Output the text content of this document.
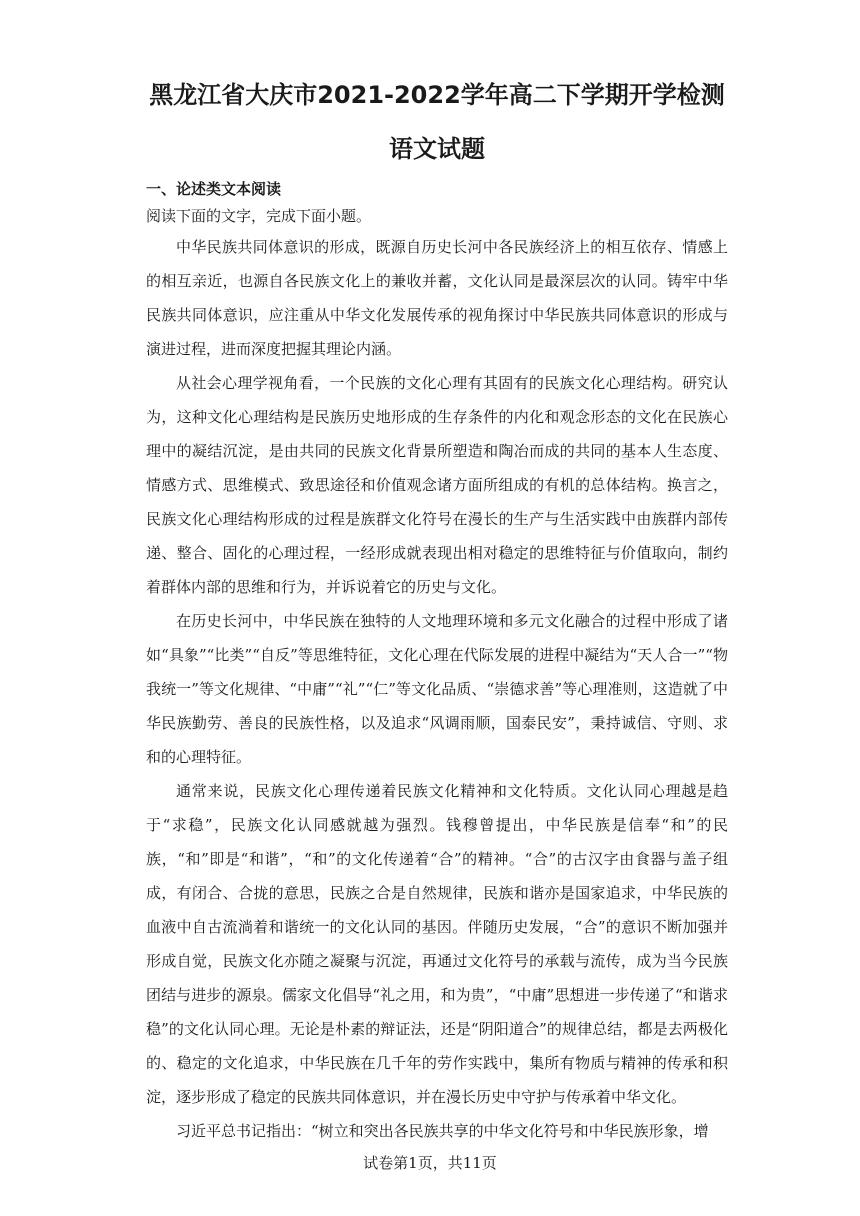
黑龙江省大庆市2021-2022学年高二下学期开学检测语文试题
一、论述类文本阅读
阅读下面的文字，完成下面小题。

中华民族共同体意识的形成，既源自历史长河中各民族经济上的相互依存、情感上的相互亲近，也源自各民族文化上的兼收并蓄，文化认同是最深层次的认同。铸牢中华民族共同体意识，应注重从中华文化发展传承的视角探讨中华民族共同体意识的形成与演进过程，进而深度把握其理论内涵。

从社会心理学视角看，一个民族的文化心理有其固有的民族文化心理结构。研究认为，这种文化心理结构是民族历史地形成的生存条件的内化和观念形态的文化在民族心理中的凝结沉淀，是由共同的民族文化背景所塑造和陶冶而成的共同的基本人生态度、情感方式、思维模式、致思途径和价值观念诸方面所组成的有机的总体结构。换言之，民族文化心理结构形成的过程是族群文化符号在漫长的生产与生活实践中由族群内部传递、整合、固化的心理过程，一经形成就表现出相对稳定的思维特征与价值取向，制约着群体内部的思维和行为，并诉说着它的历史与文化。

在历史长河中，中华民族在独特的人文地理环境和多元文化融合的过程中形成了诸如“具象”“比类”“自反”等思维特征，文化心理在代际发展的进程中凝结为“天人合一”“物我统一”等文化规律、“中庸”“礼”“仁”等文化品质、“崇德求善”等心理准则，这造就了中华民族勤劳、善良的民族性格，以及追求“风调雨顺，国泰民安”，秉持诚信、守则、求和的心理特征。

通常来说，民族文化心理传递着民族文化精神和文化特质。文化认同心理越是趋于“求稳”，民族文化认同感就越为强烈。钱穆曾提出，中华民族是信奉“和”的民族，“和”即是“和谐”，“和”的文化传递着“合”的精神。“合”的古汉字由食器与盖子组成，有闭合、合拢的意思，民族之合是自然规律，民族和谐亦是国家追求，中华民族的血液中自古流淌着和谐统一的文化认同的基因。伴随历史发展，“合”的意识不断加强并形成自觉，民族文化亦随之凝聚与沉淀，再通过文化符号的承载与流传，成为当今民族团结与进步的源泉。儒家文化倡导“礼之用，和为贵”，“中庸”思想进一步传递了“和谐求稳”的文化认同心理。无论是朴素的辩证法，还是“阴阳道合”的规律总结，都是去两极化的、稳定的文化追求，中华民族在几千年的劳作实践中，集所有物质与精神的传承和积淀，逐步形成了稳定的民族共同体意识，并在漫长历史中守护与传承着中华文化。

习近平总书记指出：“树立和突出各民族共享的中华文化符号和中华民族形象，增

试卷第1页，共11页
